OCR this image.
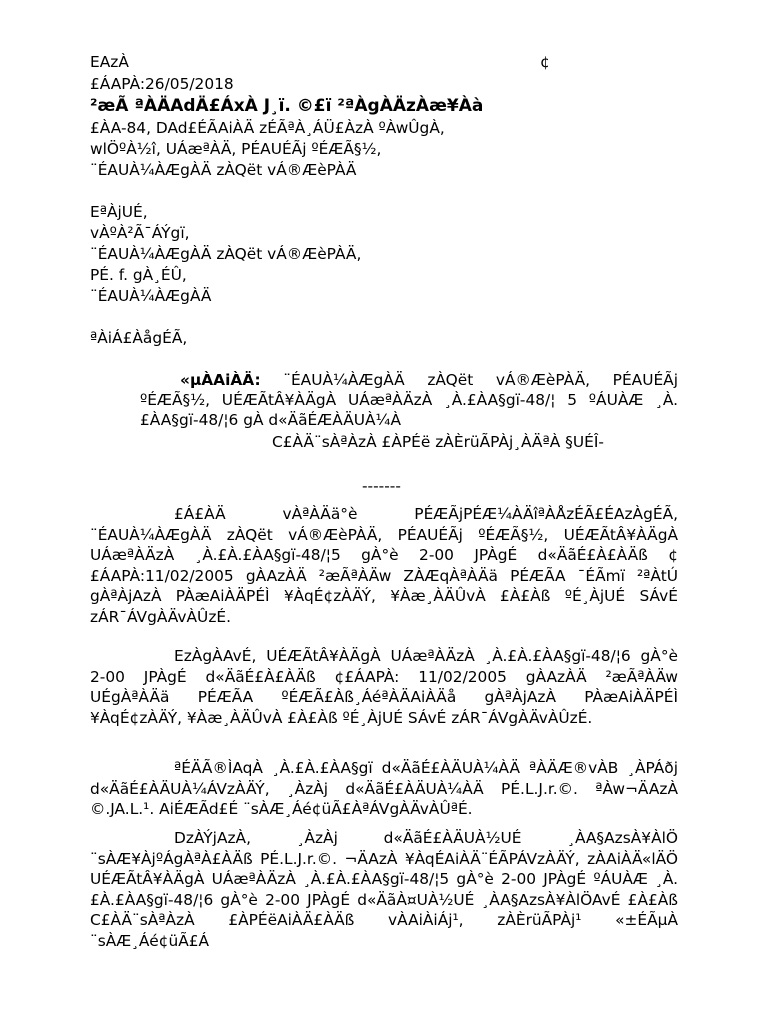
EAzÀ	¢

£ÁAPÀ:26/05/2018

²æÃ ªÀÄAdÄ£ÁxÀ J¸ï. ©£ï ²ªÀgÀÄzÀæ¥Àà

£ÀA-84, DAd£ÉÃAiÀÄ zÉÃªÀ¸ÁÜ£ÀzÀ ºÀwÛgÀ,

wlÖºÀ½î, UÁæªÀÄ, PÉAUÉÃj ºÉÆÃ§½,

¨ÉAUÀ¼ÀÆgÀÄ zÀQët vÁ®ÆèPÀÄ

EªÀjUÉ,

vÀºÀ²Ã¯ÁÝgï,

¨ÉAUÀ¼ÀÆgÀÄ zÀQët vÁ®ÆèPÀÄ,

PÉ. f. gÀ¸ÉÛ,

¨ÉAUÀ¼ÀÆgÀÄ

ªÀiÁ£ÀågÉÃ,

«µÀAiÀÄ: ¨ÉAUÀ¼ÀÆgÀÄ zÀQët vÁ®ÆèPÀÄ, PÉAUÉÃj ºÉÆÃ§½, UÉÆÃtÂ¥ÀÄgÀ UÁæªÀÄzÀ ¸À.£ÀA§gï-48/¦ 5 ºÁUÀÆ ¸À.£ÀA§gï-48/¦6 gÀ d«ÄãÉÆÀÄUÀ¼À

C£ÀÄ¨sÀªÀzÀ £ÀPÉë zÀÈrüÃPÀj¸ÀÄªÀ §UÉÎ-

-------

£Á£ÀÄ vÀªÀÄä°è PÉÆÃjPÉÆ¼ÀÄîªÀÅzÉÃ£ÉAzÀgÉÃ, ¨ÉAUÀ¼ÀÆgÀÄ zÀQët vÁ®ÆèPÀÄ, PÉAUÉÃj ºÉÆÃ§½, UÉÆÃtÂ¥ÀÄgÀ UÁæªÀÄzÀ ¸À.£À.£ÀA§gï-48/¦5 gÀ°è 2-00 JPÀgÉ d«ÄãÉ£À£ÀÄß ¢£ÁAPÀ:11/02/2005 gÀAzÀÄ ²æÃªÀÄw ZÀÆqÀªÀÄä PÉÆÃA ¯ÉÃmï ²ªÀtÚ gÀªÀjAzÀ PÀæAiÀÄPÉÌ ¥ÀqÉ¢zÀÄÝ, ¥Àæ¸ÀÄÛvÀ £À£Àß ºÉ¸ÀjUÉ SÁvÉ zÁR¯ÁVgÀÄvÀÛzÉ.

EzÀgÀAvÉ, UÉÆÃtÂ¥ÀÄgÀ UÁæªÀÄzÀ ¸À.£À.£ÀA§gï-48/¦6 gÀ°è 2-00 JPÀgÉ d«ÄãÉ£À£ÀÄß ¢£ÁAPÀ: 11/02/2005 gÀAzÀÄ ²æÃªÀÄw UÉgÀªÀÄä PÉÆÃA ºÉÆÃ£Àß¸ÁéªÀÄAiÀÄå gÀªÀjAzÀ PÀæAiÀÄPÉÌ ¥ÀqÉ¢zÀÄÝ, ¥Àæ¸ÀÄÛvÀ £À£Àß ºÉ¸ÀjUÉ SÁvÉ zÁR¯ÁVgÀÄvÀÛzÉ.

ªÉÄÃ®ÌAqÀ ¸À.£À.£ÀA§gï d«ÄãÉ£ÀÄUÀ¼ÀÄ ªÀÄÆ®vÀB ¸ÀPÁðj d«ÄãÉ£ÀÄUÀ¼ÁVzÀÄÝ, ¸ÀzÀj d«ÄãÉ£ÀÄUÀ¼ÀÄ PÉ.L.J.r.©. ªÀw¬ÄAzÀ ©.JA.L.¹. AiÉÆÃd£É ¨sÀÆ¸Áé¢üÃ£ÀªÁVgÀÄvÀÛªÉ.

DzÀÝjAzÀ, ¸ÀzÀj d«ÄãÉ£ÀÄUÀ½UÉ ¸ÀA§AzsÀ¥ÀlÖ ¨sÀÆ¥ÀjºÁgÀªÀ£ÀÄß PÉ.L.J.r.©. ¬ÄAzÀ ¥ÀqÉAiÀÄ¨ÉÃPÁVzÀÄÝ, zÀAiÀÄ«lÄÖ UÉÆÃtÂ¥ÀÄgÀ UÁæªÀÄzÀ ¸À.£À.£ÀA§gï-48/¦5 gÀ°è 2-00 JPÀgÉ ºÁUÀÆ ¸À.£À.£ÀA§gï-48/¦6 gÀ°è 2-00 JPÀgÉ d«ÄãÀ¤UÀ½UÉ ¸ÀA§AzsÀ¥ÀlÖAvÉ £À£Àß C£ÀÄ¨sÀªÀzÀ £ÀPÉëAiÀÄ£ÀÄß vÀAiÀiÁj¹, zÀÈrüÃPÀj¹ «±ÉÃµÀ ¨sÀÆ¸Áé¢üÃ£Á
